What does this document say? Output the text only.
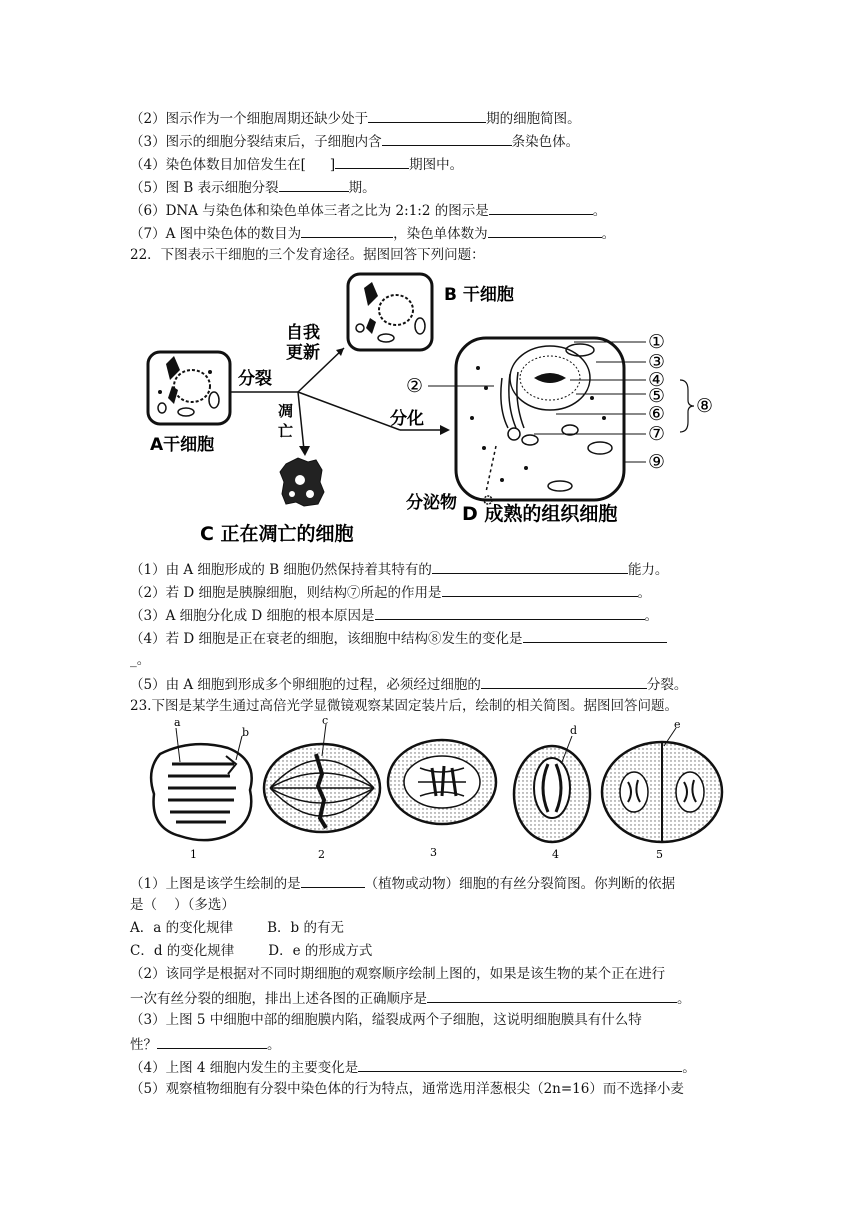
（2）图示作为一个细胞周期还缺少处于	期的细胞简图。
（3）图示的细胞分裂结束后，子细胞内含	条染色体。
（4）染色体数目加倍发生在[ ]	期图中。
（5）图 B 表示细胞分裂	期。
（6）DNA 与染色体和染色单体三者之比为 2:1:2 的图示是	。
（7）A 图中染色体的数目为	，染色单体数为	。
22．下图表示干细胞的三个发育途径。据图回答下列问题：
A干细胞
B 干细胞
分裂
自我
更新
凋
亡
分化
C 正在凋亡的细胞
D 成熟的组织细胞
分泌物
①
②
③
④
⑤
⑥
⑦
⑧
⑨
（1）由 A 细胞形成的 B 细胞仍然保持着其特有的	能力。
（2）若 D 细胞是胰腺细胞，则结构⑦所起的作用是	。
（3）A 细胞分化成 D 细胞的根本原因是	。
（4）若 D 细胞是正在衰老的细胞，该细胞中结构⑧发生的变化是
_。
（5）由 A 细胞到形成多个卵细胞的过程，必须经过细胞的	分裂。
23.下图是某学生通过高倍光学显微镜观察某固定装片后，绘制的相关简图。据图回答问题。
a
b
1
c
2	3
d
4
e
5
（1）上图是该学生绘制的是	（植物或动物）细胞的有丝分裂简图。你判断的依据
是（    ）（多选）
A．a 的变化规律	B．b 的有无
C．d 的变化规律	D．e 的形成方式
（2）该同学是根据对不同时期细胞的观察顺序绘制上图的，如果是该生物的某个正在进行
一次有丝分裂的细胞，排出上述各图的正确顺序是	。
（3）上图 5 中细胞中部的细胞膜内陷，缢裂成两个子细胞，这说明细胞膜具有什么特
性？	。
（4）上图 4 细胞内发生的主要变化是	。
（5）观察植物细胞有分裂中染色体的行为特点，通常选用洋葱根尖（2n=16）而不选择小麦
